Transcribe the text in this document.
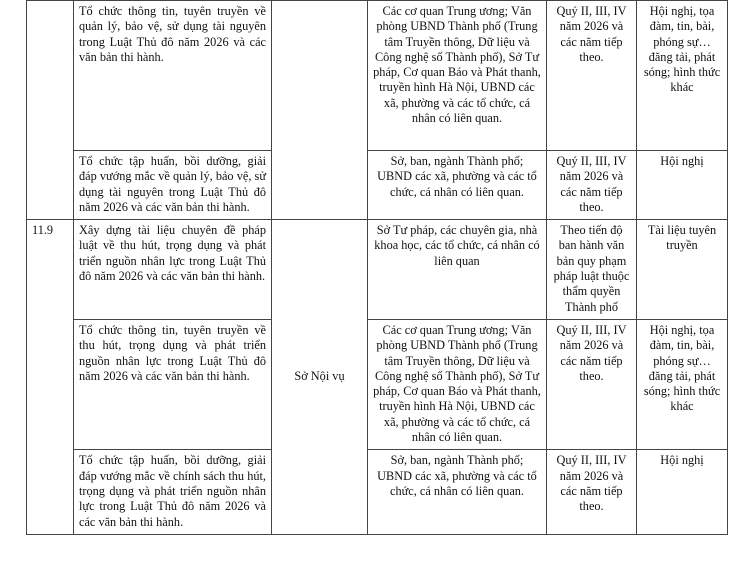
	Tổ chức thông tin, tuyên truyền về quản lý, bảo vệ, sử dụng tài nguyên trong Luật Thủ đô năm 2026 và các văn bản thi hành.		Các cơ quan Trung ương; Văn phòng UBND Thành phố (Trung tâm Truyền thông, Dữ liệu và Công nghệ số Thành phố), Sở Tư pháp, Cơ quan Báo và Phát thanh, truyền hình Hà Nội, UBND các xã, phường và các tổ chức, cá nhân có liên quan.	Quý II, III, IV năm 2026 và các năm tiếp theo.	Hội nghị, tọa đàm, tin, bài, phóng sự…đăng tải, phát sóng; hình thức khác
	Tổ chức tập huấn, bồi dưỡng, giải đáp vướng mắc về quản lý, bảo vệ, sử dụng tài nguyên trong Luật Thủ đô năm 2026 và các văn bản thi hành.		Sở, ban, ngành Thành phố; UBND các xã, phường và các tổ chức, cá nhân có liên quan.	Quý II, III, IV năm 2026 và các năm tiếp theo.	Hội nghị
11.9	Xây dựng tài liệu chuyên đề pháp luật về thu hút, trọng dụng và phát triển nguồn nhân lực trong Luật Thủ đô năm 2026 và các văn bản thi hành.	Sở Nội vụ	Sở Tư pháp, các chuyên gia, nhà khoa học, các tổ chức, cá nhân có liên quan	Theo tiến độ ban hành văn bản quy phạm pháp luật thuộc thẩm quyền Thành phố	Tài liệu tuyên truyền
	Tổ chức thông tin, tuyên truyền về thu hút, trọng dụng và phát triển nguồn nhân lực trong Luật Thủ đô năm 2026 và các văn bản thi hành.		Các cơ quan Trung ương; Văn phòng UBND Thành phố (Trung tâm Truyền thông, Dữ liệu và Công nghệ số Thành phố), Sở Tư pháp, Cơ quan Báo và Phát thanh, truyền hình Hà Nội, UBND các xã, phường và các tổ chức, cá nhân có liên quan.	Quý II, III, IV năm 2026 và các năm tiếp theo.	Hội nghị, tọa đàm, tin, bài, phóng sự…đăng tải, phát sóng; hình thức khác
	Tổ chức tập huấn, bồi dưỡng, giải đáp vướng mắc về chính sách thu hút, trọng dụng và phát triển nguồn nhân lực trong Luật Thủ đô năm 2026 và các văn bản thi hành.		Sở, ban, ngành Thành phố; UBND các xã, phường và các tổ chức, cá nhân có liên quan.	Quý II, III, IV năm 2026 và các năm tiếp theo.	Hội nghị
